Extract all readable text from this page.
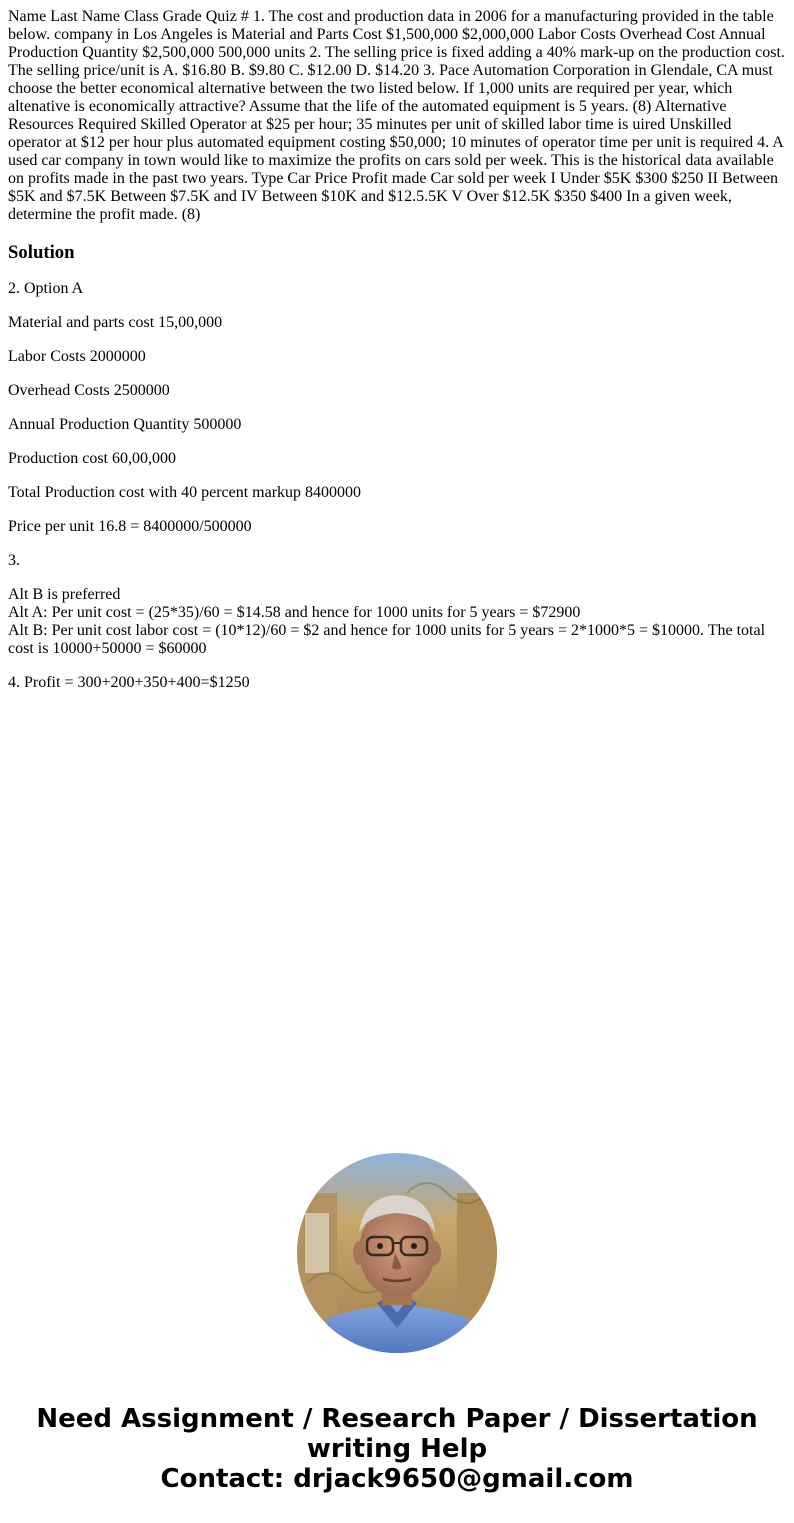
Name Last Name Class Grade Quiz # 1. The cost and production data in 2006 for a manufacturing provided in the table below. company in Los Angeles is Material and Parts Cost $1,500,000 $2,000,000 Labor Costs Overhead Cost Annual Production Quantity $2,500,000 500,000 units 2. The selling price is fixed adding a 40% mark-up on the production cost. The selling price/unit is A. $16.80 B. $9.80 C. $12.00 D. $14.20 3. Pace Automation Corporation in Glendale, CA must choose the better economical alternative between the two listed below. If 1,000 units are required per year, which altenative is economically attractive? Assume that the life of the automated equipment is 5 years. (8) Alternative Resources Required Skilled Operator at $25 per hour; 35 minutes per unit of skilled labor time is uired Unskilled operator at $12 per hour plus automated equipment costing $50,000; 10 minutes of operator time per unit is required 4. A used car company in town would like to maximize the profits on cars sold per week. This is the historical data available on profits made in the past two years. Type Car Price Profit made Car sold per week I Under $5K $300 $250 II Between $5K and $7.5K Between $7.5K and IV Between $10K and $12.5.5K V Over $12.5K $350 $400 In a given week, determine the profit made. (8)
Solution
2. Option A
Material and parts cost 15,00,000
Labor Costs 2000000
Overhead Costs 2500000
Annual Production Quantity 500000
Production cost 60,00,000
Total Production cost with 40 percent markup 8400000
Price per unit 16.8 = 8400000/500000
3.
Alt B is preferred
Alt A: Per unit cost = (25*35)/60 = $14.58 and hence for 1000 units for 5 years = $72900
Alt B: Per unit cost labor cost = (10*12)/60 = $2 and hence for 1000 units for 5 years = 2*1000*5 = $10000. The total cost is 10000+50000 = $60000
4. Profit = 300+200+350+400=$1250
Need Assignment / Research Paper / Dissertation
writing Help
Contact: drjack9650@gmail.com
